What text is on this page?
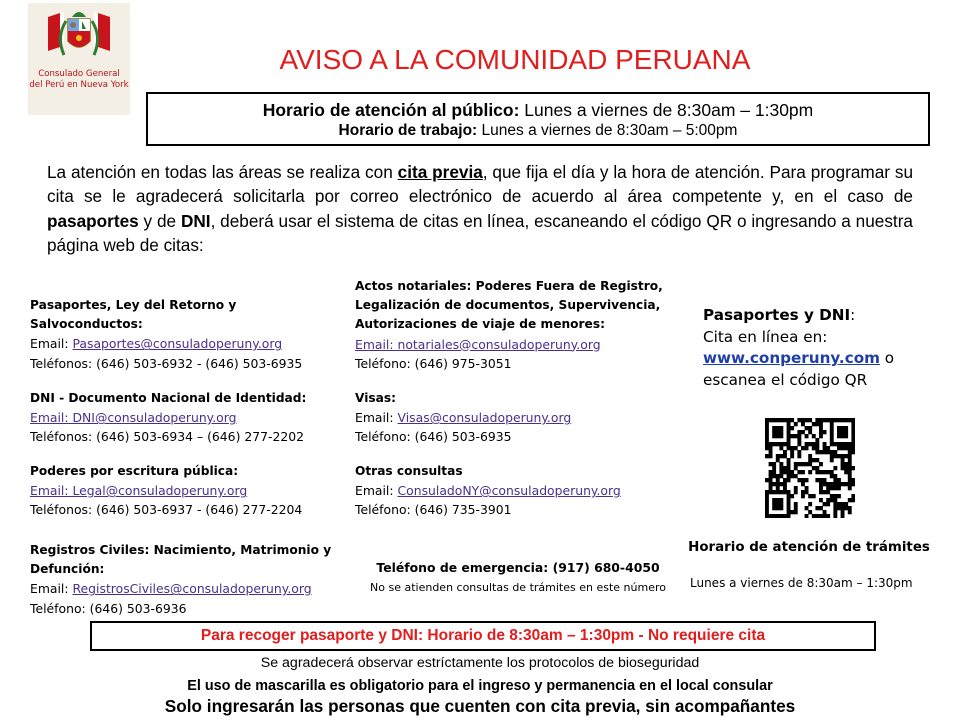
Consulado General
del Perú en Nueva York
AVISO A LA COMUNIDAD PERUANA
Horario de atención al público: Lunes a viernes de 8:30am – 1:30pm
Horario de trabajo: Lunes a viernes de 8:30am – 5:00pm
La atención en todas las áreas se realiza con cita previa, que fija el día y la hora de atención. Para programar su cita se le agradecerá solicitarla por correo electrónico de acuerdo al área competente y, en el caso de pasaportes y de DNI, deberá usar el sistema de citas en línea, escaneando el código QR o ingresando a nuestra página web de citas:
Pasaportes, Ley del Retorno y
Salvoconductos:
Email: Pasaportes@consuladoperuny.org
Teléfonos: (646) 503-6932 - (646) 503-6935
DNI - Documento Nacional de Identidad:
Email: DNI@consuladoperuny.org
Teléfonos: (646) 503-6934 – (646) 277-2202
Poderes por escritura pública:
Email: Legal@consuladoperuny.org
Teléfonos: (646) 503-6937 - (646) 277-2204
Registros Civiles: Nacimiento, Matrimonio y
Defunción:
Email: RegistrosCiviles@consuladoperuny.org
Teléfono: (646) 503-6936
Actos notariales: Poderes Fuera de Registro,
Legalización de documentos, Supervivencia,
Autorizaciones de viaje de menores:
Email: notariales@consuladoperuny.org
Teléfono: (646) 975-3051
Visas:
Email: Visas@consuladoperuny.org
Teléfono: (646) 503-6935
Otras consultas
Email: ConsuladoNY@consuladoperuny.org
Teléfono: (646) 735-3901
Teléfono de emergencia: (917) 680-4050
No se atienden consultas de trámites en este número
Pasaportes y DNI:
Cita en línea en:
www.conperuny.com o
escanea el código QR
Horario de atención de trámites
Lunes a viernes de 8:30am – 1:30pm
Para recoger pasaporte y DNI: Horario de 8:30am – 1:30pm - No requiere cita
Se agradecerá observar estríctamente los protocolos de bioseguridad
El uso de mascarilla es obligatorio para el ingreso y permanencia en el local consular
Solo ingresarán las personas que cuenten con cita previa, sin acompañantes
